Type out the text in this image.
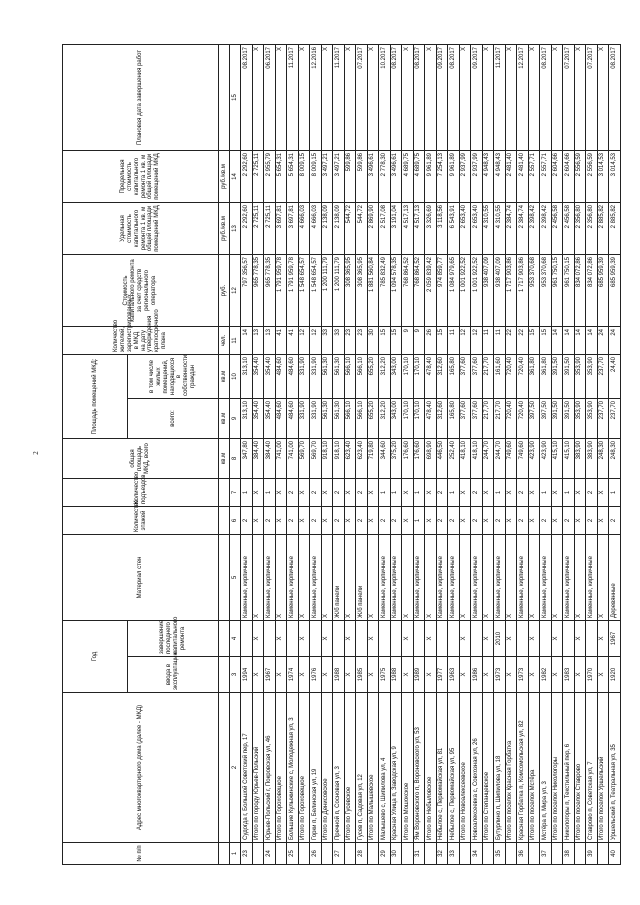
2
№ п/п	Адрес многоквартирного дома (далее - МКД)	Год		Материал стен	Количество этажей	Количество подъездов	общая площадь МКД, всего	Площадь помещений МКД:		Количество жителей, зарегистрированных в МКД на дату утверждения краткосрочного плана	Стоимость капитального ремонта за счет средств регионального оператора	Удельная стоимость капитального ремонта 1 кв. м общей площади помещений МКД	Предельная стоимость капитального ремонта 1 кв. м общей площади помещений МКД	Плановая дата завершения работ
		ввода в эксплуатацию	завершение последнего капитального ремонта					всего:	в том числе жилых помещений, находящихся в собственности граждан					
							кв.м	кв.м	кв.м	чел.	руб.	руб./кв.м	руб./кв.м	
1	2	3	4	5	6	7	8	9	10	11	12	13	14	15
23	Судогда г, Большой Советский пер, 17	1994		Каменные, кирпичные	2	1	347,80	313,10	313,10	14	797 356,57	2 292,60	2 292,60	08.2017
	Итого по городу Юрьев-Польский	X	X	X	X	X	384,40	354,40	354,40	13	965 778,35	2 725,11	2 725,11	X
24	Юрьев-Польский г, Покровская ул, 46	1967		Каменные, кирпичные	2	1	384,40	354,40	354,40	13	965 778,35	2 725,11	2 955,79	06.2017
	Итого по Гороховецкое	X	X	X	X	X	741,00	484,60	484,60	41	1 791 959,78	3 697,81	5 654,31	X
25	Большие Кулыжинские с, Молодежная ул, 3	1974		Каменные, кирпичные	2	2	741,00	484,60	484,60	41	1 791 959,78	3 697,81	5 654,31	11.2017
	Итого по Гороховецкое	X	X	X	X	X	569,70	331,90	331,90	12	1 548 654,57	4 666,03	8 009,15	X
26	Горки п, Белинская ул, 19	1976		Каменные, кирпичные	2	2	569,70	331,90	331,90	12	1 548 654,57	4 666,03	8 009,15	12.2016
	Итого по Денисовское	X	X	X	X	X	918,10	561,30	561,30	33	1 200 111,79	2 138,09	3 497,21	X
27	Пречной п, Сосновая ул, 3	1988		Ж/б панели	2	2	918,10	561,30	561,30	33	1 200 111,79	2 138,09	3 497,21	11.2017
	Итого по Гусевское	X	X	X	X	X	623,40	566,10	566,10	23	308 365,95	544,72	599,86	X
28	Гусев п, Садовая ул, 12	1985		Ж/б панели	2	2	623,40	566,10	566,10	23	308 365,95	544,72	599,86	07.2017
	Итого по Малышевское	X	X	X	X	X	719,80	655,20	655,20	30	1 881 560,84	2 869,90	3 496,61	X
29	Малышево с, Шипилова ул, 4	1975		Каменные, кирпичные	2	1	344,60	312,20	312,20	15	785 832,49	2 517,08	2 778,30	10.2017
30	Красная Улица п, Заводская ул, 9	1988		Каменные, кирпичные	2	1	375,20	343,00	343,00	15	1 094 578,35	3 191,04	3 496,61	08.2017
	Итого по Мошокское	X	X	X	X	X	176,60	170,10	170,10	9	768 864,52	4 517,13	4 689,75	X
31	Ям Вороновского п, Вороновского ул, 53	1989		Каменные, кирпичные	1	1	176,60	170,10	170,10	9	768 864,52	4 517,13	4 689,75	08.2017
	Итого по Небыловское	X	X	X	X	X	698,90	478,40	478,40	26	2 059 839,42	3 326,69	9 961,89	X
32	Небылое с, Первомайская ул, 81	1977		Каменные, кирпичные	2	2	446,50	312,60	312,60	15	974 859,77	3 118,56	7 254,13	09.2017
33	Небылое с, Первомайская ул, 95	1963		Каменные, кирпичные	2	1	252,40	165,80	165,80	11	1 084 979,65	6 543,91	9 961,89	08.2017
	Итого по Новоалексеевское	X	X	X	X	X	418,10	377,60	377,60	12	1 001 922,52	2 653,40	2 937,99	X
34	Новоалексеевка с, Совхозная ул, 26	1986		Каменные, кирпичные	2	2	418,10	377,60	377,60	12	1 001 922,52	2 653,40	2 937,99	09.2017
	Итого по Степанцевское	X	X	X	X	X	244,70	217,70	217,70	11	938 407,09	4 310,55	4 948,43	X
35	Бутурлино п, Шипилова ул, 18	1973	2010	Каменные, кирпичные	2	1	244,70	217,70	161,60	11	938 407,09	4 310,55	4 948,43	11.2017
	Итого по поселок Красная Горбатка	X	X	X	X	X	749,60	720,40	720,40	22	1 717 903,86	2 384,74	2 481,40	X
36	Красная Горбатка п, Комсомольская ул, 82	1973		Каменные, кирпичные	2	2	749,60	720,40	720,40	22	1 717 903,86	2 384,74	2 481,40	12.2017
	Итого по поселок Мстёра	X	X	X	X	X	423,90	397,50	361,80	15	953 370,68	2 398,42	2 557,71	X
37	Мстёра п, Мира ул, 3	1982		Каменные, кирпичные	2	1	423,90	397,50	361,80	15	953 370,68	2 398,42	2 557,71	08.2017
	Итого по поселок Никологоры	X	X	X	X	X	415,10	391,50	391,50	14	961 750,15	2 456,58	2 604,66	X
38	Никологоры п, Текстильный пер, 6	1983		Каменные, кирпичные	2	1	415,10	391,50	391,50	14	961 750,15	2 456,58	2 604,66	07.2017
	Итого по поселок Ставрово	X	X	X	X	X	383,90	353,90	353,90	14	834 072,86	2 356,80	2 556,59	X
39	Ставрово п, Советская ул, 7	1970		Каменные, кирпичные	2	2	383,90	353,90	353,90	14	834 072,86	2 356,80	2 556,59	07.2017
	Итого по поселок Уршельский	X	X	X	X	X	248,30	237,70	237,70	24	685 959,39	2 885,82	3 014,53	X
40	Уршельский п, Театральная ул, 35	1920	1967	Деревянные	2	1	248,30	237,70	24,40	24	685 959,39	2 885,82	3 014,53	08.2017
